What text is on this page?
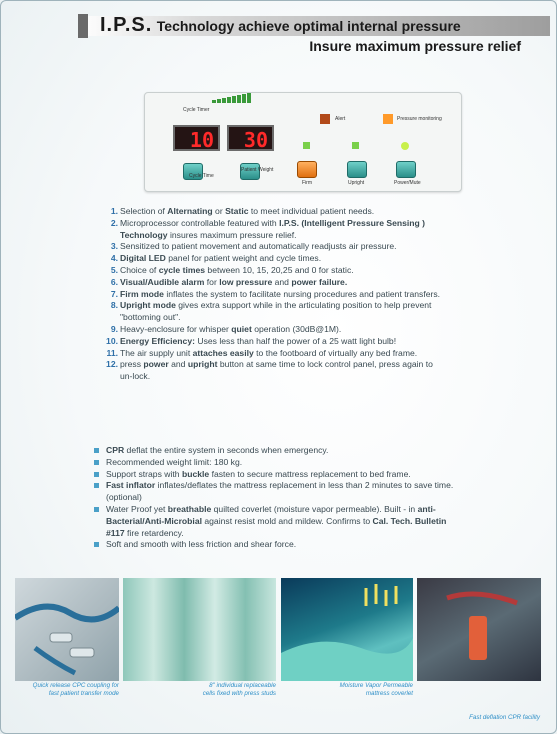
I.P.S. Technology achieve optimal internal pressure
Insure maximum pressure relief
Cycle Timer
Alert	Pressure monitoring
10	30
Cycle Time
Patient Weight
Firm	Upright	Power/Mute
1. Selection of Alternating or Static to meet individual patient needs.
2. Microprocessor controllable featured with I.P.S. (Intelligent Pressure Sensing )
Technology insures maximum pressure relief.
3. Sensitized to patient movement and automatically readjusts air pressure.
4. Digital LED panel for patient weight and cycle times.
5. Choice of cycle times between 10, 15, 20,25 and 0 for static.
6. Visual/Audible alarm for low pressure and power failure.
7. Firm mode inflates the system to facilitate nursing procedures and patient transfers.
8. Upright mode gives extra support while in the articulating position to help prevent
"bottoming out".
9. Heavy-enclosure for whisper quiet operation (30dB@1M).
10. Energy Efficiency: Uses less than half the power of a 25 watt light bulb!
11. The air supply unit attaches easily to the footboard of virtually any bed frame.
12. press power and upright button at same time to lock control panel, press again to
un-lock.
CPR deflat the entire system in seconds when emergency.
Recommended weight limit: 180 kg.
Support straps with buckle fasten to secure mattress replacement to bed frame.
Fast inflator inflates/deflates the mattress replacement in less than 2 minutes to save time.
(optional)
Water Proof yet breathable quilted coverlet (moisture vapor permeable). Built - in anti-
Bacterial/Anti-Microbial against resist mold and mildew. Confirms to Cal. Tech. Bulletin
#117 fire retardency.
Soft and smooth with less friction and shear force.
Quick release CPC coupling for
fast patient transfer mode
8" individual replaceable
cells fixed with press studs
Moisture Vapor Permeable
mattress coverlet
Fast deflation CPR facility
